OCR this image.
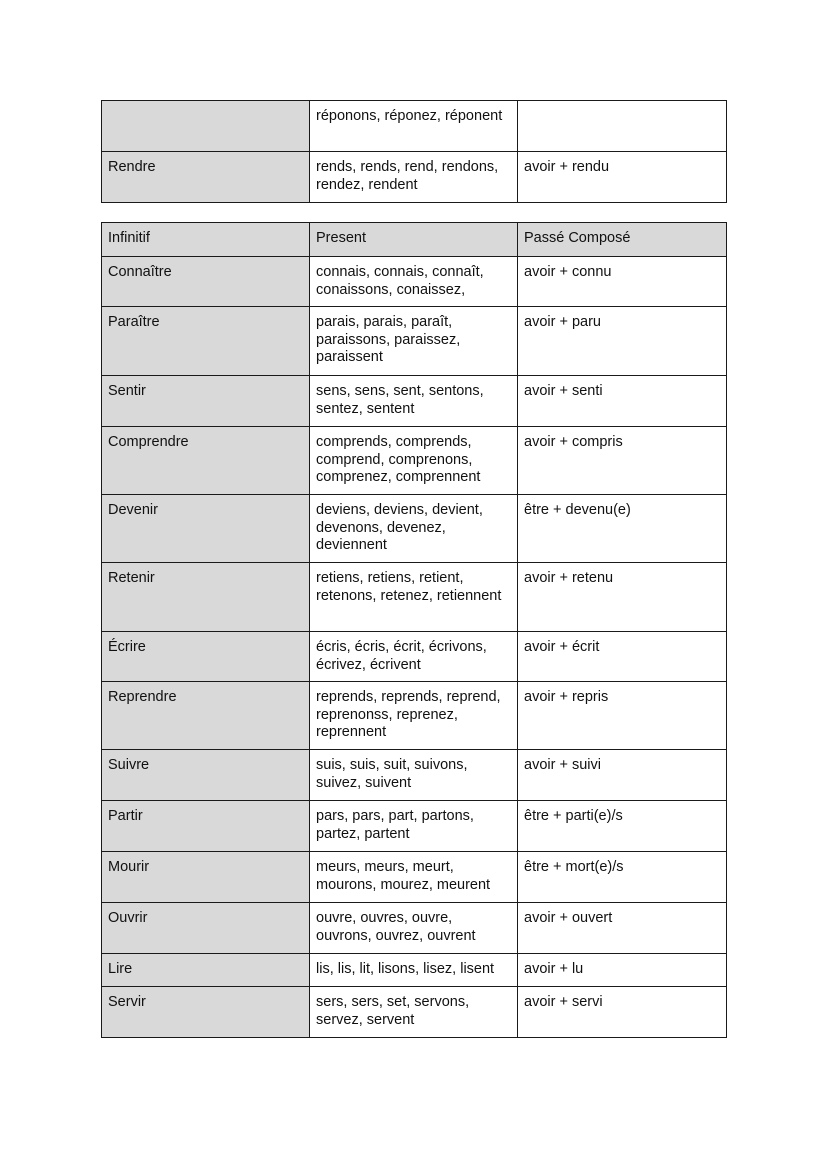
	réponons, réponez, réponent	
Rendre	rends, rends, rend, rendons, rendez, rendent	avoir + rendu
Infinitif	Present	Passé Composé
Connaître	connais, connais, connaît, conaissons, conaissez,	avoir + connu
Paraître	parais, parais, paraît, paraissons, paraissez, paraissent	avoir + paru
Sentir	sens, sens, sent, sentons, sentez, sentent	avoir + senti
Comprendre	comprends, comprends, comprend, comprenons, comprenez, comprennent	avoir + compris
Devenir	deviens, deviens, devient, devenons, devenez, deviennent	être + devenu(e)
Retenir	retiens, retiens, retient, retenons, retenez, retiennent	avoir + retenu
Écrire	écris, écris, écrit, écrivons, écrivez, écrivent	avoir + écrit
Reprendre	reprends, reprends, reprend, reprenonss, reprenez, reprennent	avoir + repris
Suivre	suis, suis, suit, suivons, suivez, suivent	avoir + suivi
Partir	pars, pars, part, partons, partez, partent	être + parti(e)/s
Mourir	meurs, meurs, meurt, mourons, mourez, meurent	être + mort(e)/s
Ouvrir	ouvre, ouvres, ouvre, ouvrons, ouvrez, ouvrent	avoir + ouvert
Lire	lis, lis, lit, lisons, lisez, lisent	avoir + lu
Servir	sers, sers, set, servons, servez, servent	avoir + servi
